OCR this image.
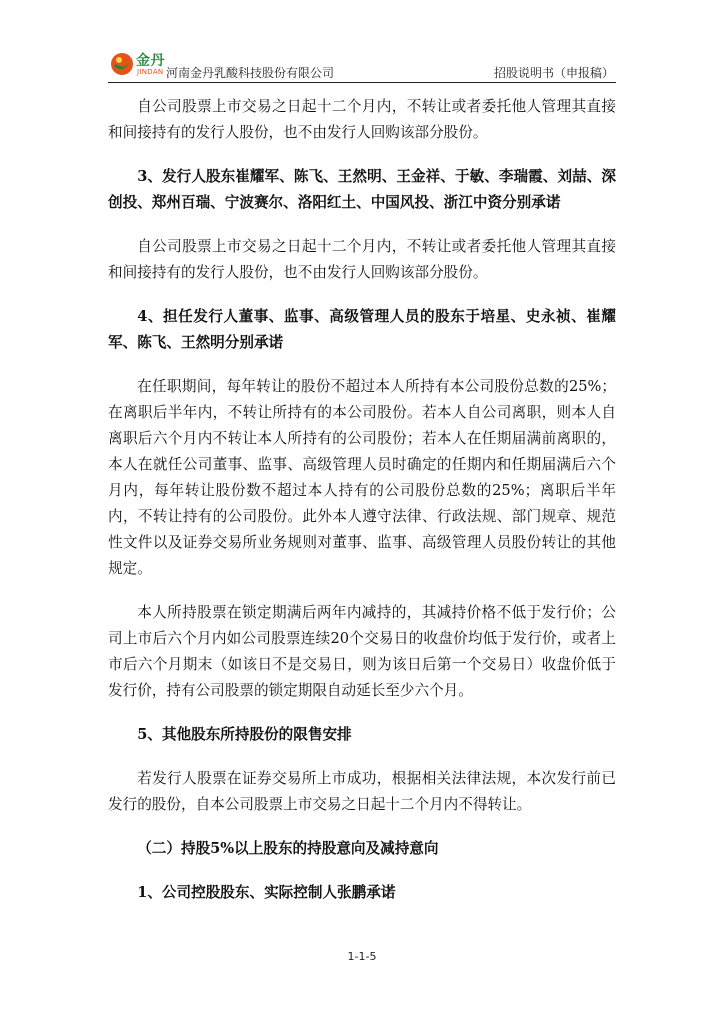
金丹
JINDAN 河南金丹乳酸科技股份有限公司	招股说明书（申报稿）

自公司股票上市交易之日起十二个月内，不转让或者委托他人管理其直接和间接持有的发行人股份，也不由发行人回购该部分股份。

3、发行人股东崔耀军、陈飞、王然明、王金祥、于敏、李瑞霞、刘喆、深创投、郑州百瑞、宁波赛尔、洛阳红土、中国风投、浙江中资分别承诺

自公司股票上市交易之日起十二个月内，不转让或者委托他人管理其直接和间接持有的发行人股份，也不由发行人回购该部分股份。

4、担任发行人董事、监事、高级管理人员的股东于培星、史永祯、崔耀军、陈飞、王然明分别承诺

在任职期间，每年转让的股份不超过本人所持有本公司股份总数的25%；在离职后半年内，不转让所持有的本公司股份。若本人自公司离职，则本人自离职后六个月内不转让本人所持有的公司股份；若本人在任期届满前离职的，本人在就任公司董事、监事、高级管理人员时确定的任期内和任期届满后六个月内，每年转让股份数不超过本人持有的公司股份总数的25%；离职后半年内，不转让持有的公司股份。此外本人遵守法律、行政法规、部门规章、规范性文件以及证券交易所业务规则对董事、监事、高级管理人员股份转让的其他规定。

本人所持股票在锁定期满后两年内减持的，其减持价格不低于发行价；公司上市后六个月内如公司股票连续20个交易日的收盘价均低于发行价，或者上市后六个月期末（如该日不是交易日，则为该日后第一个交易日）收盘价低于发行价，持有公司股票的锁定期限自动延长至少六个月。

5、其他股东所持股份的限售安排

若发行人股票在证券交易所上市成功，根据相关法律法规，本次发行前已发行的股份，自本公司股票上市交易之日起十二个月内不得转让。

（二）持股5%以上股东的持股意向及减持意向

1、公司控股股东、实际控制人张鹏承诺

1-1-5
